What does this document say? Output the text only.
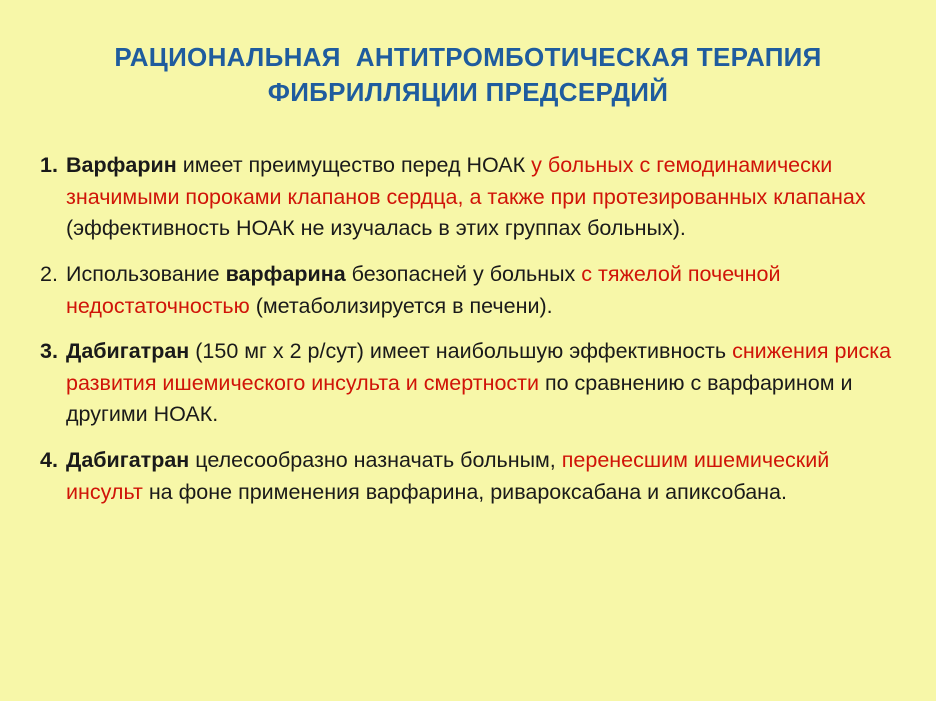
РАЦИОНАЛЬНАЯ  АНТИТРОМБОТИЧЕСКАЯ ТЕРАПИЯ
ФИБРИЛЛЯЦИИ ПРЕДСЕРДИЙ
1. Варфарин имеет преимущество перед НОАК у больных с гемодинамически значимыми пороками клапанов сердца, а также при протезированных клапанах (эффективность НОАК не изучалась в этих группах больных).
2. Использование варфарина безопасней у больных с тяжелой почечной недостаточностью (метаболизируется в печени).
3. Дабигатран (150 мг х 2 р/сут) имеет наибольшую эффективность снижения риска развития ишемического инсульта и смертности по сравнению с варфарином и другими НОАК.
4. Дабигатран целесообразно назначать больным, перенесшим ишемический инсульт на фоне применения варфарина, ривароксабана и апиксобана.
